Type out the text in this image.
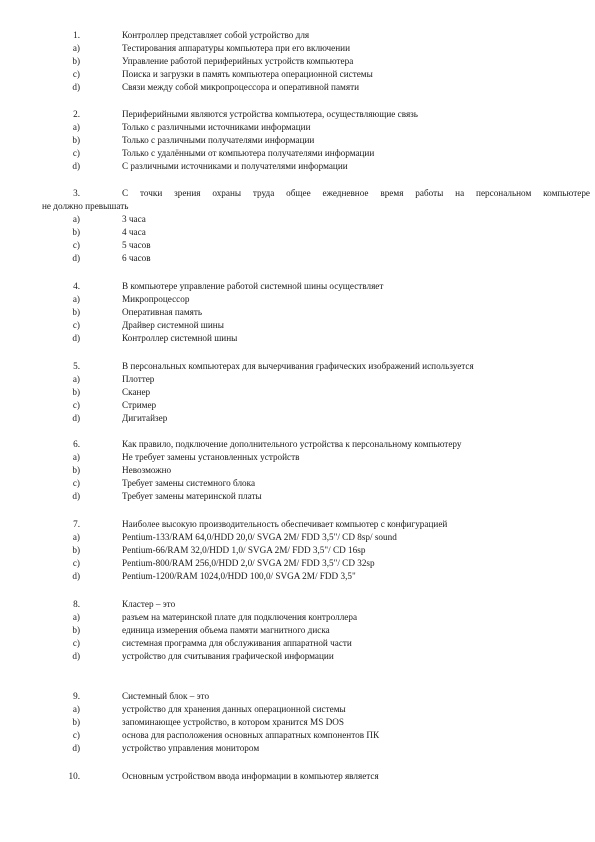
1.	Контроллер представляет собой устройство для
a)	Тестирования аппаратуры компьютера при его включении
b)	Управление работой периферийных устройств компьютера
c)	Поиска и загрузки в память компьютера операционной системы
d)	Связи между собой микропроцессора и оперативной памяти
2.	Периферийными являются устройства компьютера, осуществляющие связь
a)	Только с различными источниками информации
b)	Только с различными получателями информации
c)	Только с удалёнными от компьютера получателями информации
d)	С различными источниками и получателями информации
3.	С точки зрения охраны труда общее ежедневное время работы на персональном компьютере
не должно превышать
a)	3 часа
b)	4 часа
c)	5 часов
d)	6 часов
4.	В компьютере управление работой системной шины осуществляет
a)	Микропроцессор
b)	Оперативная память
c)	Драйвер системной шины
d)	Контроллер системной шины
5.	В персональных компьютерах для вычерчивания графических изображений используется
a)	Плоттер
b)	Сканер
c)	Стример
d)	Дигитайзер
6.	Как правило, подключение дополнительного устройства к персональному компьютеру
a)	Не требует замены установленных устройств
b)	Невозможно
c)	Требует замены системного блока
d)	Требует замены материнской платы
7.	Наиболее высокую производительность обеспечивает компьютер с конфигурацией
a)	Pentium-133/RAM 64,0/HDD 20,0/ SVGA 2M/ FDD 3,5"/ CD 8sp/ sound
b)	Pentium-66/RAM 32,0/HDD 1,0/ SVGA 2M/ FDD 3,5"/ CD 16sp
c)	Pentium-800/RAM 256,0/HDD 2,0/ SVGA 2M/ FDD 3,5"/ CD 32sp
d)	Pentium-1200/RAM 1024,0/HDD 100,0/ SVGA 2M/ FDD 3,5"
8.	Кластер – это
a)	разъем на материнской плате для подключения контроллера
b)	единица измерения объема памяти магнитного диска
c)	системная программа для обслуживания аппаратной части
d)	устройство для считывания графической информации
9.	Системный блок – это
a)	устройство для хранения данных операционной системы
b)	запоминающее устройство, в котором хранится MS DOS
c)	основа для расположения основных аппаратных компонентов ПК
d)	устройство управления монитором
10.	Основным устройством ввода информации в компьютер является
